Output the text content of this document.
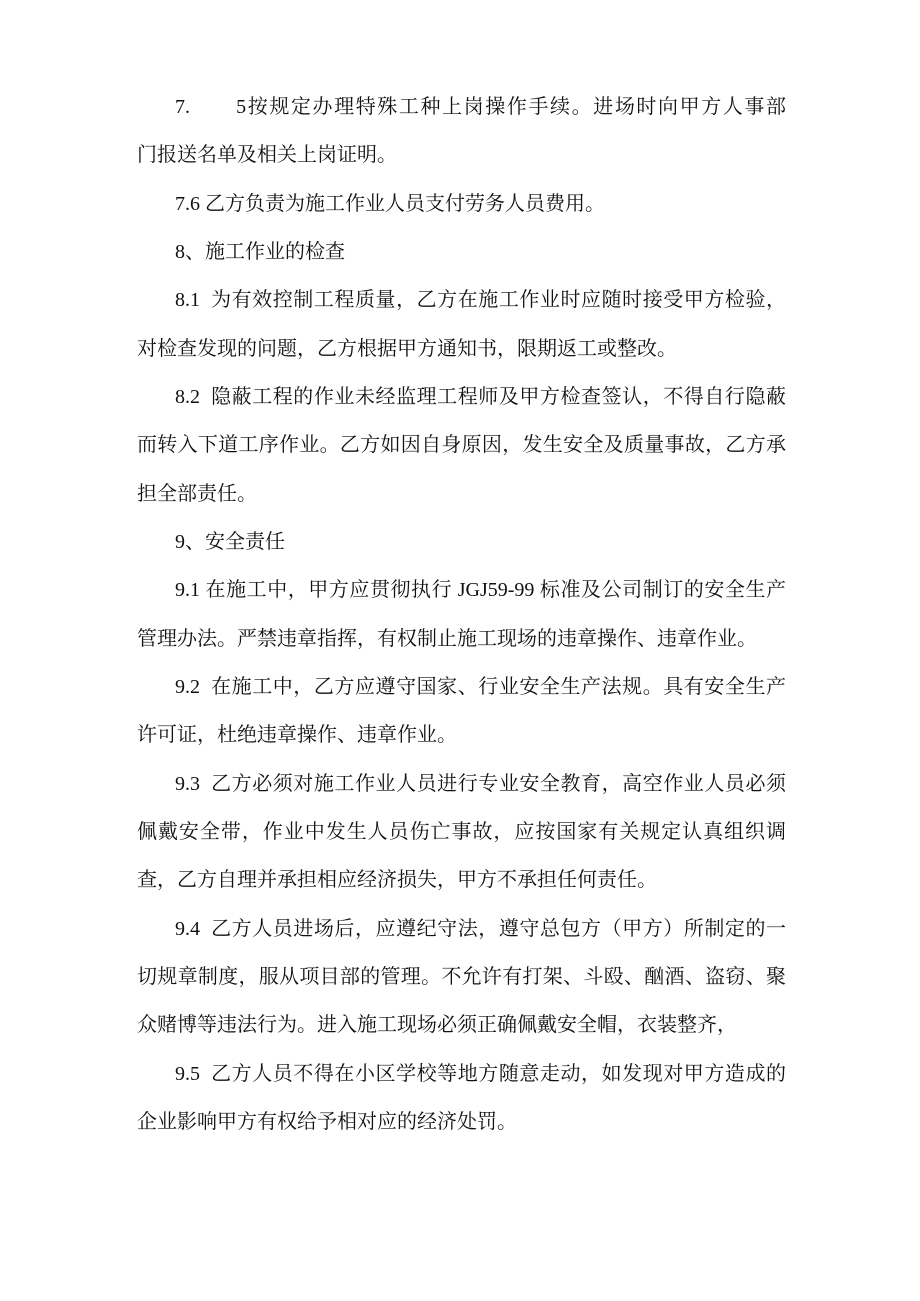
7.       5按规定办理特殊工种上岗操作手续。进场时向甲方人事部
门报送名单及相关上岗证明。
7.6 乙方负责为施工作业人员支付劳务人员费用。
8、施工作业的检查
8.1  为有效控制工程质量，乙方在施工作业时应随时接受甲方检验，
对检查发现的问题，乙方根据甲方通知书，限期返工或整改。
8.2  隐蔽工程的作业未经监理工程师及甲方检查签认，不得自行隐蔽
而转入下道工序作业。乙方如因自身原因，发生安全及质量事故，乙方承
担全部责任。
9、安全责任
9.1 在施工中，甲方应贯彻执行 JGJ59-99 标准及公司制订的安全生产
管理办法。严禁违章指挥，有权制止施工现场的违章操作、违章作业。
9.2  在施工中，乙方应遵守国家、行业安全生产法规。具有安全生产
许可证，杜绝违章操作、违章作业。
9.3  乙方必须对施工作业人员进行专业安全教育，高空作业人员必须
佩戴安全带，作业中发生人员伤亡事故，应按国家有关规定认真组织调
查，乙方自理并承担相应经济损失，甲方不承担任何责任。
9.4  乙方人员进场后，应遵纪守法，遵守总包方（甲方）所制定的一
切规章制度，服从项目部的管理。不允许有打架、斗殴、酗酒、盗窃、聚
众赌博等违法行为。进入施工现场必须正确佩戴安全帽，衣装整齐，
9.5  乙方人员不得在小区学校等地方随意走动，如发现对甲方造成的
企业影响甲方有权给予相对应的经济处罚。
